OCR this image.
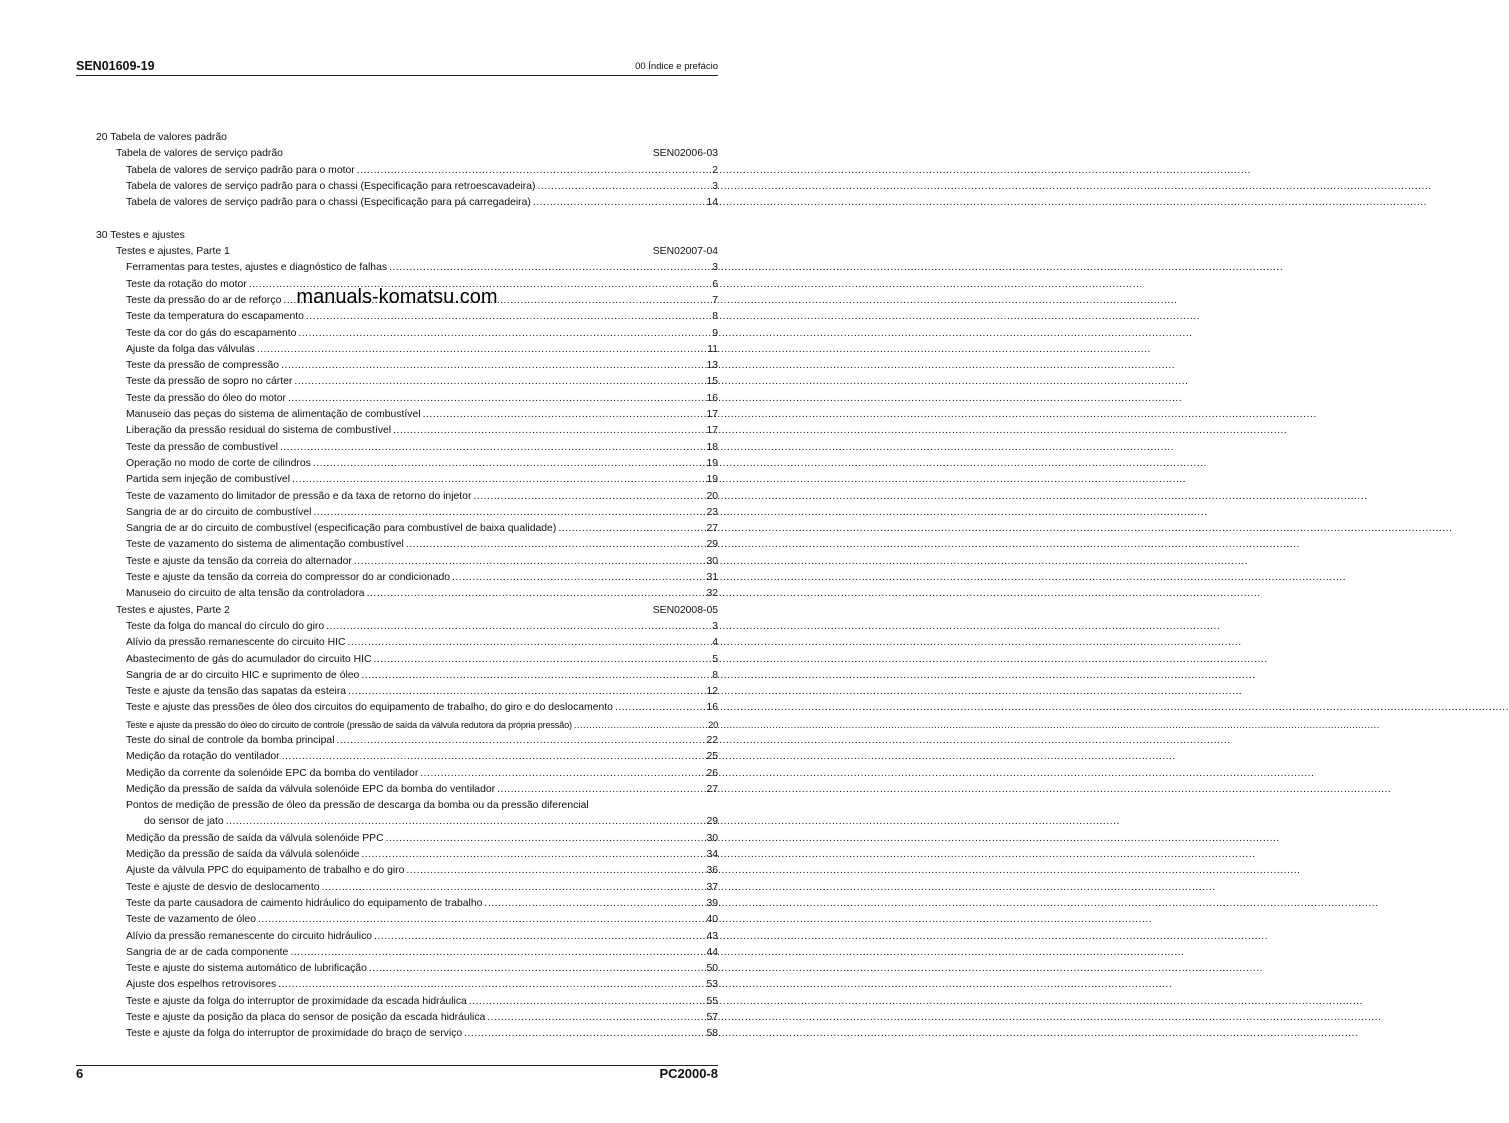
SEN01609-19	00 Índice e prefácio
20 Tabela de valores padrão
Tabela de valores de serviço padrão	SEN02006-03
Tabela de valores de serviço padrão para o motor .....	2
Tabela de valores de serviço padrão para o chassi (Especificação para retroescavadeira) .....	3
Tabela de valores de serviço padrão para o chassi (Especificação para pá carregadeira) .....	14
30 Testes e ajustes
Testes e ajustes, Parte 1	SEN02007-04
Ferramentas para testes, ajustes e diagnóstico de falhas .....	3
Teste da rotação do motor .....	6
Teste da pressão do ar de reforço .....	7
Teste da temperatura do escapamento .....	8
Teste da cor do gás do escapamento .....	9
Ajuste da folga das válvulas .....	11
Teste da pressão de compressão .....	13
Teste da pressão de sopro no cárter .....	15
Teste da pressão do óleo do motor .....	16
Manuseio das peças do sistema de alimentação de combustível .....	17
Liberação da pressão residual do sistema de combustível .....	17
Teste da pressão de combustível .....	18
Operação no modo de corte de cilindros .....	19
Partida sem injeção de combustível .....	19
Teste de vazamento do limitador de pressão e da taxa de retorno do injetor .....	20
Sangria de ar do circuito de combustível .....	23
Sangria de ar do circuito de combustível (especificação para combustível de baixa qualidade) .....	27
Teste de vazamento do sistema de alimentação combustível .....	29
Teste e ajuste da tensão da correia do alternador .....	30
Teste e ajuste da tensão da correia do compressor do ar condicionado .....	31
Manuseio do circuito de alta tensão da controladora .....	32
Testes e ajustes, Parte 2	SEN02008-05
Teste da folga do mancal do círculo do giro .....	3
Alívio da pressão remanescente do circuito HIC .....	4
Abastecimento de gás do acumulador do circuito HIC .....	5
Sangria de ar do circuito HIC e suprimento de óleo .....	8
Teste e ajuste da tensão das sapatas da esteira .....	12
Teste e ajuste das pressões de óleo dos circuitos do equipamento de trabalho, do giro e do deslocamento .....	16
Teste e ajuste da pressão do óleo do circuito de controle (pressão de saída da válvula redutora da própria pressão) .....	20
Teste do sinal de controle da bomba principal .....	22
Medição da rotação do ventilador .....	25
Medição da corrente da solenóide EPC da bomba do ventilador .....	26
Medição da pressão de saída da válvula solenóide EPC da bomba do ventilador .....	27
Pontos de medição de pressão de óleo da pressão de descarga da bomba ou da pressão diferencial
do sensor de jato .....	29
Medição da pressão de saída da válvula solenóide PPC .....	30
Medição da pressão de saída da válvula solenóide .....	34
Ajuste da válvula PPC do equipamento de trabalho e do giro .....	36
Teste e ajuste de desvio de deslocamento .....	37
Teste da parte causadora de caimento hidráulico do equipamento de trabalho .....	39
Teste de vazamento de óleo .....	40
Alívio da pressão remanescente do circuito hidráulico .....	43
Sangria de ar de cada componente .....	44
Teste e ajuste do sistema automático de lubrificação .....	50
Ajuste dos espelhos retrovisores .....	53
Teste e ajuste da folga do interruptor de proximidade da escada hidráulica .....	55
Teste e ajuste da posição da placa do sensor de posição da escada hidráulica .....	57
Teste e ajuste da folga do interruptor de proximidade do braço de serviço .....	58
manuals-komatsu.com
6	PC2000-8
